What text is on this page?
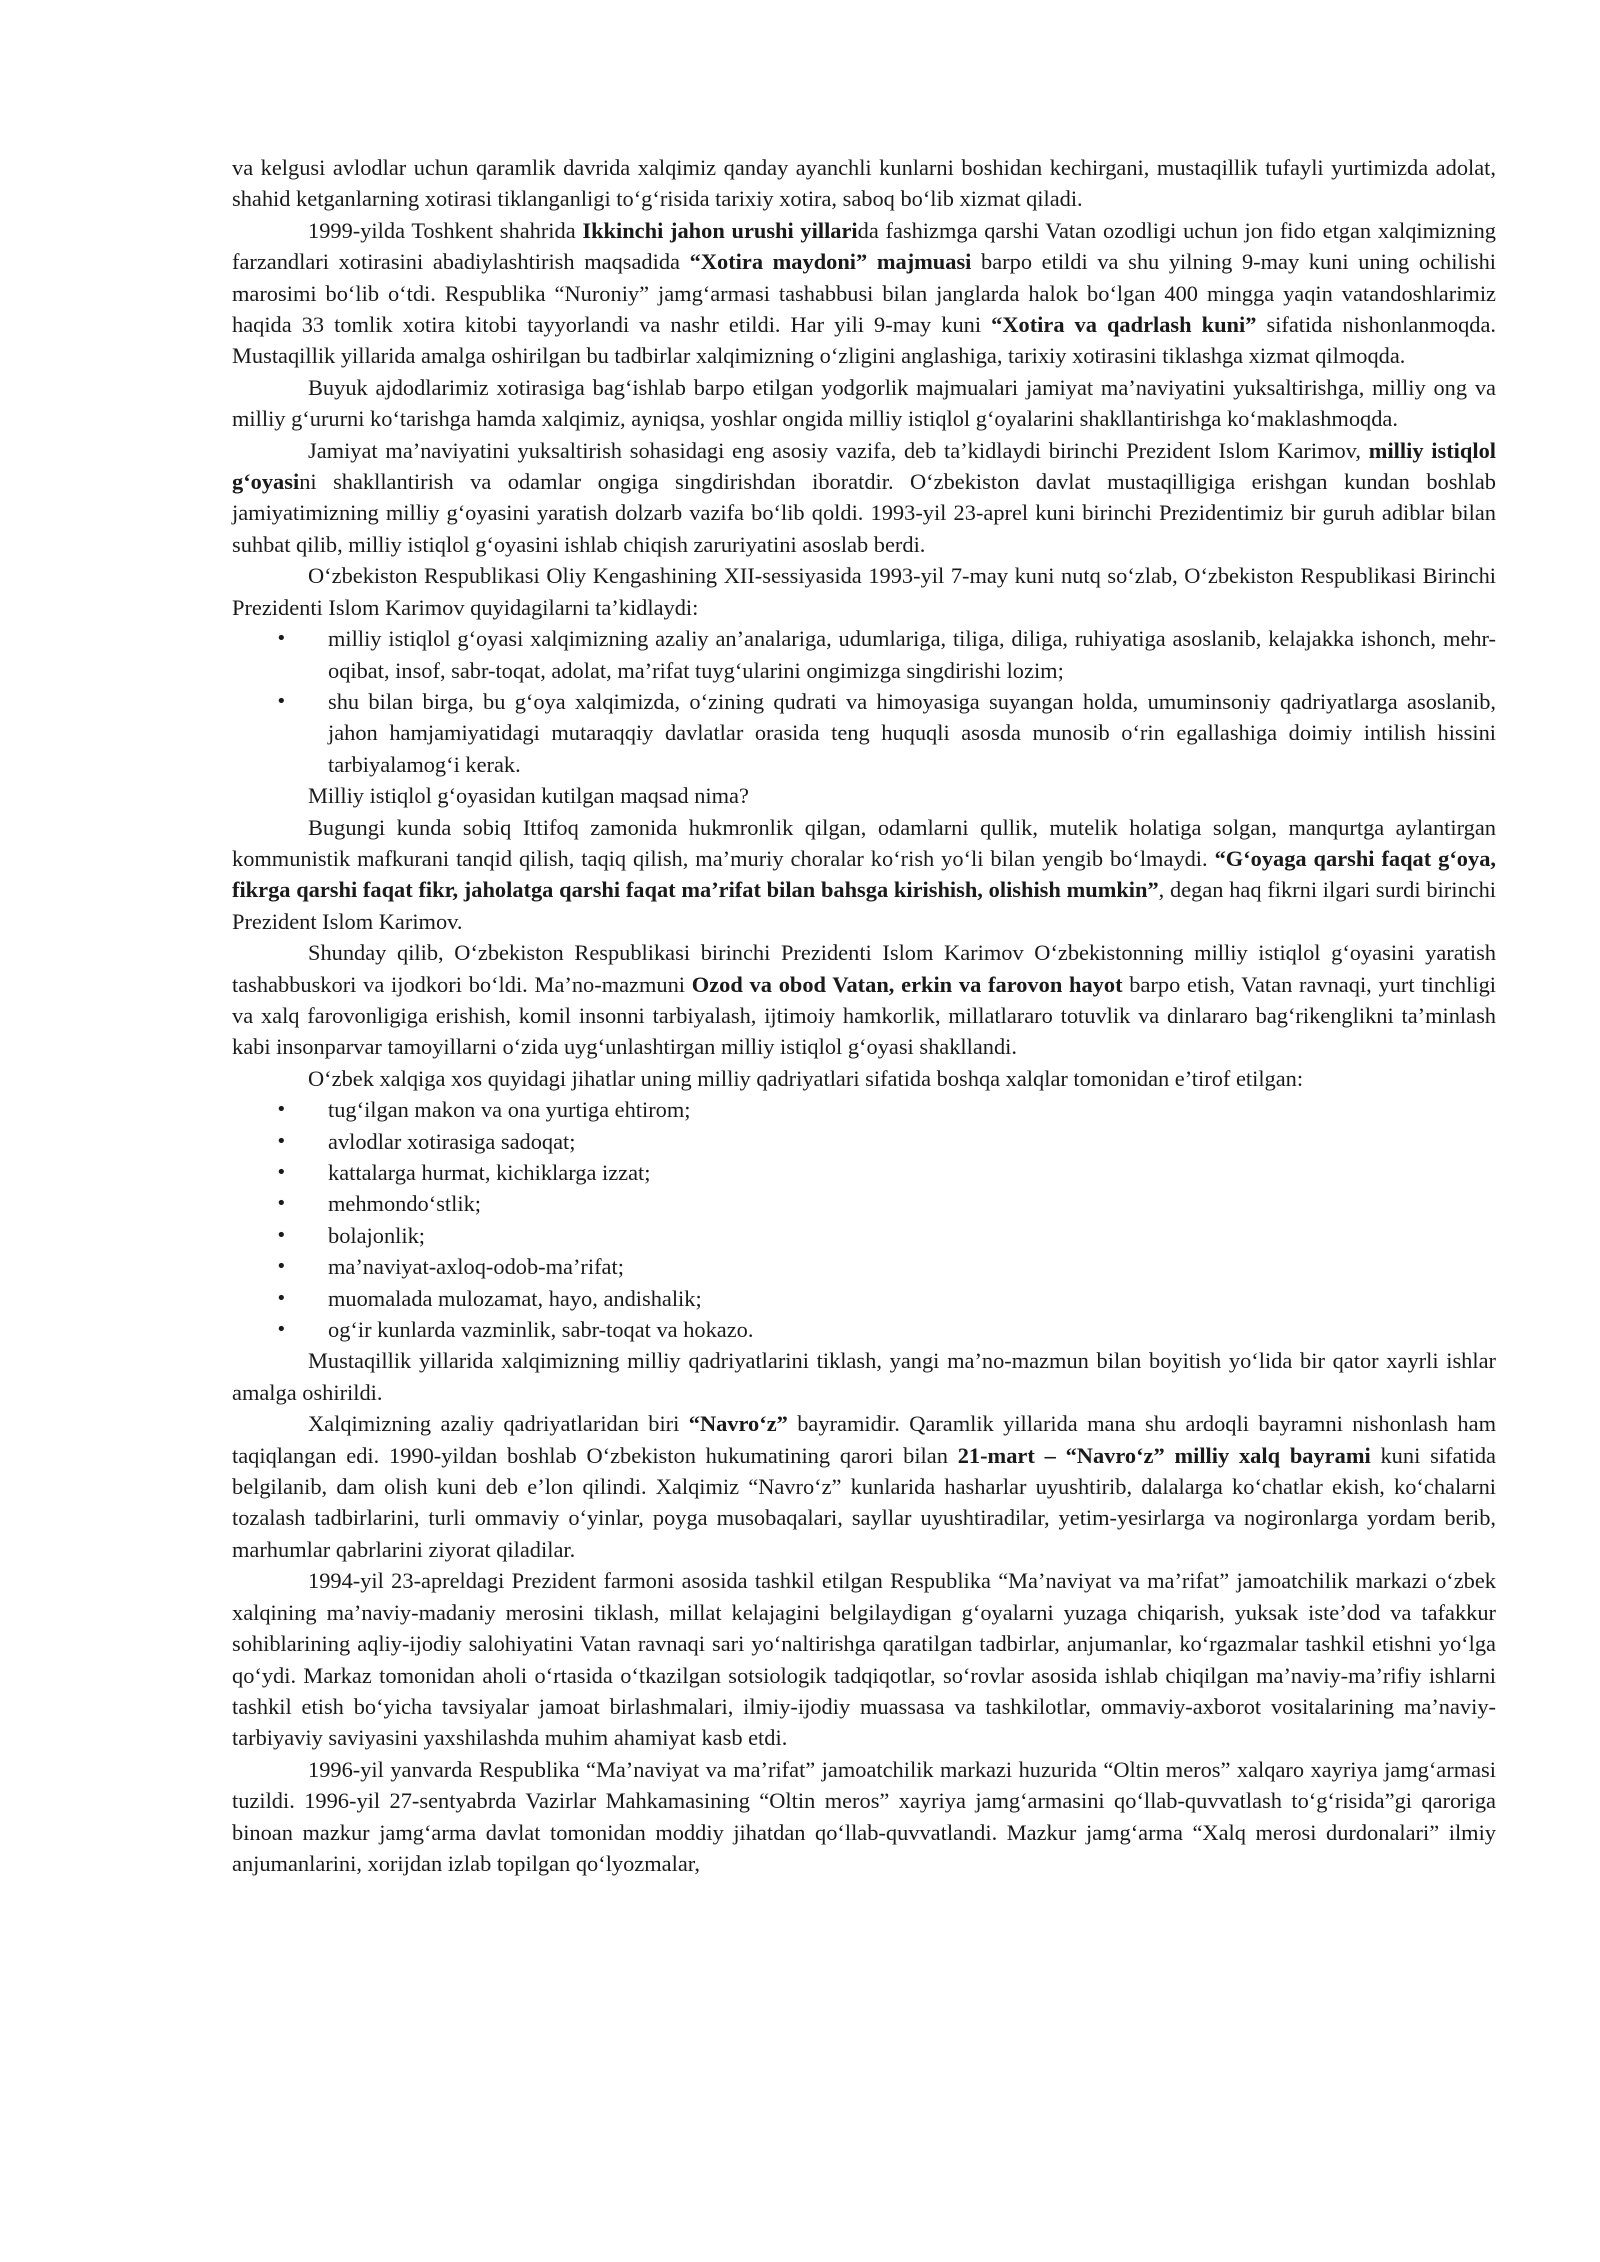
va kelgusi avlodlar uchun qaramlik davrida xalqimiz qanday ayanchli kunlarni boshidan kechirgani, mustaqillik tufayli yurtimizda adolat, shahid ketganlarning xotirasi tiklanganligi to‘g‘risida tarixiy xotira, saboq bo‘lib xizmat qiladi.

1999-yilda Toshkent shahrida Ikkinchi jahon urushi yillarida fashizmga qarshi Vatan ozodligi uchun jon fido etgan xalqimizning farzandlari xotirasini abadiylashtirish maqsadida “Xotira maydoni” majmuasi barpo etildi va shu yilning 9-may kuni uning ochilishi marosimi bo‘lib o‘tdi. Respublika “Nuroniy” jamg‘armasi tashabbusi bilan janglarda halok bo‘lgan 400 mingga yaqin vatandoshlarimiz haqida 33 tomlik xotira kitobi tayyorlandi va nashr etildi. Har yili 9-may kuni “Xotira va qadrlash kuni” sifatida nishonlanmoqda. Mustaqillik yillarida amalga oshirilgan bu tadbirlar xalqimizning o‘zligini anglashiga, tarixiy xotirasini tiklashga xizmat qilmoqda.

Buyuk ajdodlarimiz xotirasiga bag‘ishlab barpo etilgan yodgorlik majmualari jamiyat ma’naviyatini yuksaltirishga, milliy ong va milliy g‘ururni ko‘tarishga hamda xalqimiz, ayniqsa, yoshlar ongida milliy istiqlol g‘oyalarini shakllantirishga ko‘maklashmoqda.

Jamiyat ma’naviyatini yuksaltirish sohasidagi eng asosiy vazifa, deb ta’kidlaydi birinchi Prezident Islom Karimov, milliy istiqlol g‘oyasini shakllantirish va odamlar ongiga singdirishdan iboratdir. O‘zbekiston davlat mustaqilligiga erishgan kundan boshlab jamiyatimizning milliy g‘oyasini yaratish dolzarb vazifa bo‘lib qoldi. 1993-yil 23-aprel kuni birinchi Prezidentimiz bir guruh adiblar bilan suhbat qilib, milliy istiqlol g‘oyasini ishlab chiqish zaruriyatini asoslab berdi.

O‘zbekiston Respublikasi Oliy Kengashining XII-sessiyasida 1993-yil 7-may kuni nutq so‘zlab, O‘zbekiston Respublikasi Birinchi Prezidenti Islom Karimov quyidagilarni ta’kidlaydi:

• milliy istiqlol g‘oyasi xalqimizning azaliy an’analariga, udumlariga, tiliga, diliga, ruhiyatiga asoslanib, kelajakka ishonch, mehr-oqibat, insof, sabr-toqat, adolat, ma’rifat tuyg‘ularini ongimizga singdirishi lozim;
• shu bilan birga, bu g‘oya xalqimizda, o‘zining qudrati va himoyasiga suyangan holda, umuminsoniy qadriyatlarga asoslanib, jahon hamjamiyatidagi mutaraqqiy davlatlar orasida teng huquqli asosda munosib o‘rin egallashiga doimiy intilish hissini tarbiyalamog‘i kerak.

Milliy istiqlol g‘oyasidan kutilgan maqsad nima?

Bugungi kunda sobiq Ittifoq zamonida hukmronlik qilgan, odamlarni qullik, mutelik holatiga solgan, manqurtga aylantirgan kommunistik mafkurani tanqid qilish, taqiq qilish, ma’muriy choralar ko‘rish yo‘li bilan yengib bo‘lmaydi. “G‘oyaga qarshi faqat g‘oya, fikrga qarshi faqat fikr, jaholatga qarshi faqat ma’rifat bilan bahsga kirishish, olishish mumkin”, degan haq fikrni ilgari surdi birinchi Prezident Islom Karimov.

Shunday qilib, O‘zbekiston Respublikasi birinchi Prezidenti Islom Karimov O‘zbekistonning milliy istiqlol g‘oyasini yaratish tashabbuskori va ijodkori bo‘ldi. Ma’no-mazmuni Ozod va obod Vatan, erkin va farovon hayot barpo etish, Vatan ravnaqi, yurt tinchligi va xalq farovonligiga erishish, komil insonni tarbiyalash, ijtimoiy hamkorlik, millatlararo totuvlik va dinlararo bag‘rikenglikni ta’minlash kabi insonparvar tamoyillarni o‘zida uyg‘unlashtirgan milliy istiqlol g‘oyasi shakllandi.

O‘zbek xalqiga xos quyidagi jihatlar uning milliy qadriyatlari sifatida boshqa xalqlar tomonidan e’tirof etilgan:

• tug‘ilgan makon va ona yurtiga ehtirom;
• avlodlar xotirasiga sadoqat;
• kattalarga hurmat, kichiklarga izzat;
• mehmondo‘stlik;
• bolajonlik;
• ma’naviyat-axloq-odob-ma’rifat;
• muomalada mulozamat, hayo, andishalik;
• og‘ir kunlarda vazminlik, sabr-toqat va hokazo.

Mustaqillik yillarida xalqimizning milliy qadriyatlarini tiklash, yangi ma’no-mazmun bilan boyitish yo‘lida bir qator xayrli ishlar amalga oshirildi.

Xalqimizning azaliy qadriyatlaridan biri “Navro‘z” bayramidir. Qaramlik yillarida mana shu ardoqli bayramni nishonlash ham taqiqlangan edi. 1990-yildan boshlab O‘zbekiston hukumatining qarori bilan 21-mart – “Navro‘z” milliy xalq bayrami kuni sifatida belgilanib, dam olish kuni deb e’lon qilindi. Xalqimiz “Navro‘z” kunlarida hasharlar uyushtirib, dalalarga ko‘chatlar ekish, ko‘chalarni tozalash tadbirlarini, turli ommaviy o‘yinlar, poyga musobaqalari, sayllar uyushtiradilar, yetim-yesirlarga va nogironlarga yordam berib, marhumlar qabrlarini ziyorat qiladilar.

1994-yil 23-apreldagi Prezident farmoni asosida tashkil etilgan Respublika “Ma’naviyat va ma’rifat” jamoatchilik markazi o‘zbek xalqining ma’naviy-madaniy merosini tiklash, millat kelajagini belgilaydigan g‘oyalarni yuzaga chiqarish, yuksak iste’dod va tafakkur sohiblarining aqliy-ijodiy salohiyatini Vatan ravnaqi sari yo‘naltirishga qaratilgan tadbirlar, anjumanlar, ko‘rgazmalar tashkil etishni yo‘lga qo‘ydi. Markaz tomonidan aholi o‘rtasida o‘tkazilgan sotsiologik tadqiqotlar, so‘rovlar asosida ishlab chiqilgan ma’naviy-ma’rifiy ishlarni tashkil etish bo‘yicha tavsiyalar jamoat birlashmalari, ilmiy-ijodiy muassasa va tashkilotlar, ommaviy-axborot vositalarining ma’naviy-tarbiyaviy saviyasini yaxshilashda muhim ahamiyat kasb etdi.

1996-yil yanvarda Respublika “Ma’naviyat va ma’rifat” jamoatchilik markazi huzurida “Oltin meros” xalqaro xayriya jamg‘armasi tuzildi. 1996-yil 27-sentyabrda Vazirlar Mahkamasining “Oltin meros” xayriya jamg‘armasini qo‘llab-quvvatlash to‘g‘risida”gi qaroriga binoan mazkur jamg‘arma davlat tomonidan moddiy jihatdan qo‘llab-quvvatlandi. Mazkur jamg‘arma “Xalq merosi durdonalari” ilmiy anjumanlarini, xorijdan izlab topilgan qo‘lyozmalar,
